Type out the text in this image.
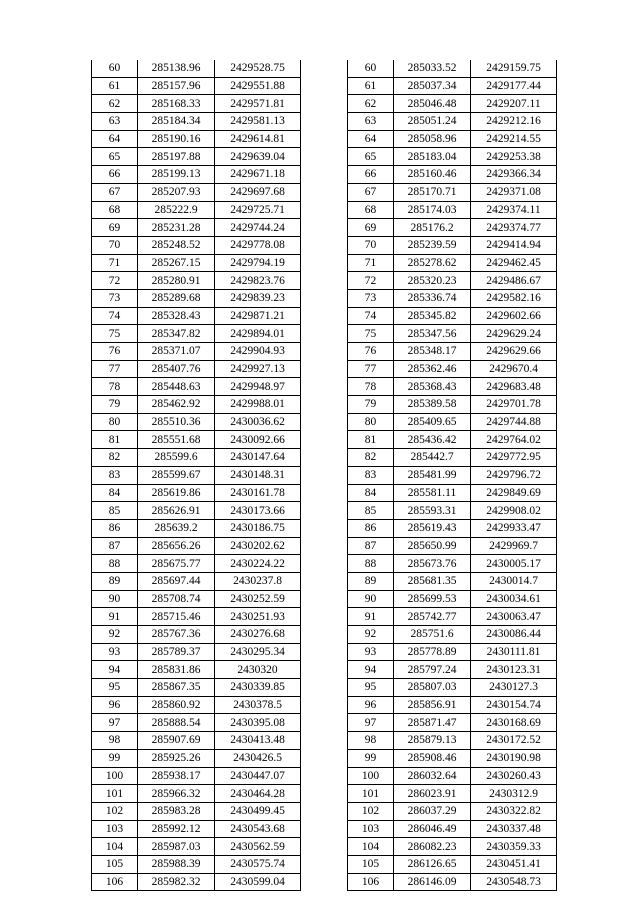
60	285138.96	2429528.75
61	285157.96	2429551.88
62	285168.33	2429571.81
63	285184.34	2429581.13
64	285190.16	2429614.81
65	285197.88	2429639.04
66	285199.13	2429671.18
67	285207.93	2429697.68
68	285222.9	2429725.71
69	285231.28	2429744.24
70	285248.52	2429778.08
71	285267.15	2429794.19
72	285280.91	2429823.76
73	285289.68	2429839.23
74	285328.43	2429871.21
75	285347.82	2429894.01
76	285371.07	2429904.93
77	285407.76	2429927.13
78	285448.63	2429948.97
79	285462.92	2429988.01
80	285510.36	2430036.62
81	285551.68	2430092.66
82	285599.6	2430147.64
83	285599.67	2430148.31
84	285619.86	2430161.78
85	285626.91	2430173.66
86	285639.2	2430186.75
87	285656.26	2430202.62
88	285675.77	2430224.22
89	285697.44	2430237.8
90	285708.74	2430252.59
91	285715.46	2430251.93
92	285767.36	2430276.68
93	285789.37	2430295.34
94	285831.86	2430320
95	285867.35	2430339.85
96	285860.92	2430378.5
97	285888.54	2430395.08
98	285907.69	2430413.48
99	285925.26	2430426.5
100	285938.17	2430447.07
101	285966.32	2430464.28
102	285983.28	2430499.45
103	285992.12	2430543.68
104	285987.03	2430562.59
105	285988.39	2430575.74
106	285982.32	2430599.04
60	285033.52	2429159.75
61	285037.34	2429177.44
62	285046.48	2429207.11
63	285051.24	2429212.16
64	285058.96	2429214.55
65	285183.04	2429253.38
66	285160.46	2429366.34
67	285170.71	2429371.08
68	285174.03	2429374.11
69	285176.2	2429374.77
70	285239.59	2429414.94
71	285278.62	2429462.45
72	285320.23	2429486.67
73	285336.74	2429582.16
74	285345.82	2429602.66
75	285347.56	2429629.24
76	285348.17	2429629.66
77	285362.46	2429670.4
78	285368.43	2429683.48
79	285389.58	2429701.78
80	285409.65	2429744.88
81	285436.42	2429764.02
82	285442.7	2429772.95
83	285481.99	2429796.72
84	285581.11	2429849.69
85	285593.31	2429908.02
86	285619.43	2429933.47
87	285650.99	2429969.7
88	285673.76	2430005.17
89	285681.35	2430014.7
90	285699.53	2430034.61
91	285742.77	2430063.47
92	285751.6	2430086.44
93	285778.89	2430111.81
94	285797.24	2430123.31
95	285807.03	2430127.3
96	285856.91	2430154.74
97	285871.47	2430168.69
98	285879.13	2430172.52
99	285908.46	2430190.98
100	286032.64	2430260.43
101	286023.91	2430312.9
102	286037.29	2430322.82
103	286046.49	2430337.48
104	286082.23	2430359.33
105	286126.65	2430451.41
106	286146.09	2430548.73
